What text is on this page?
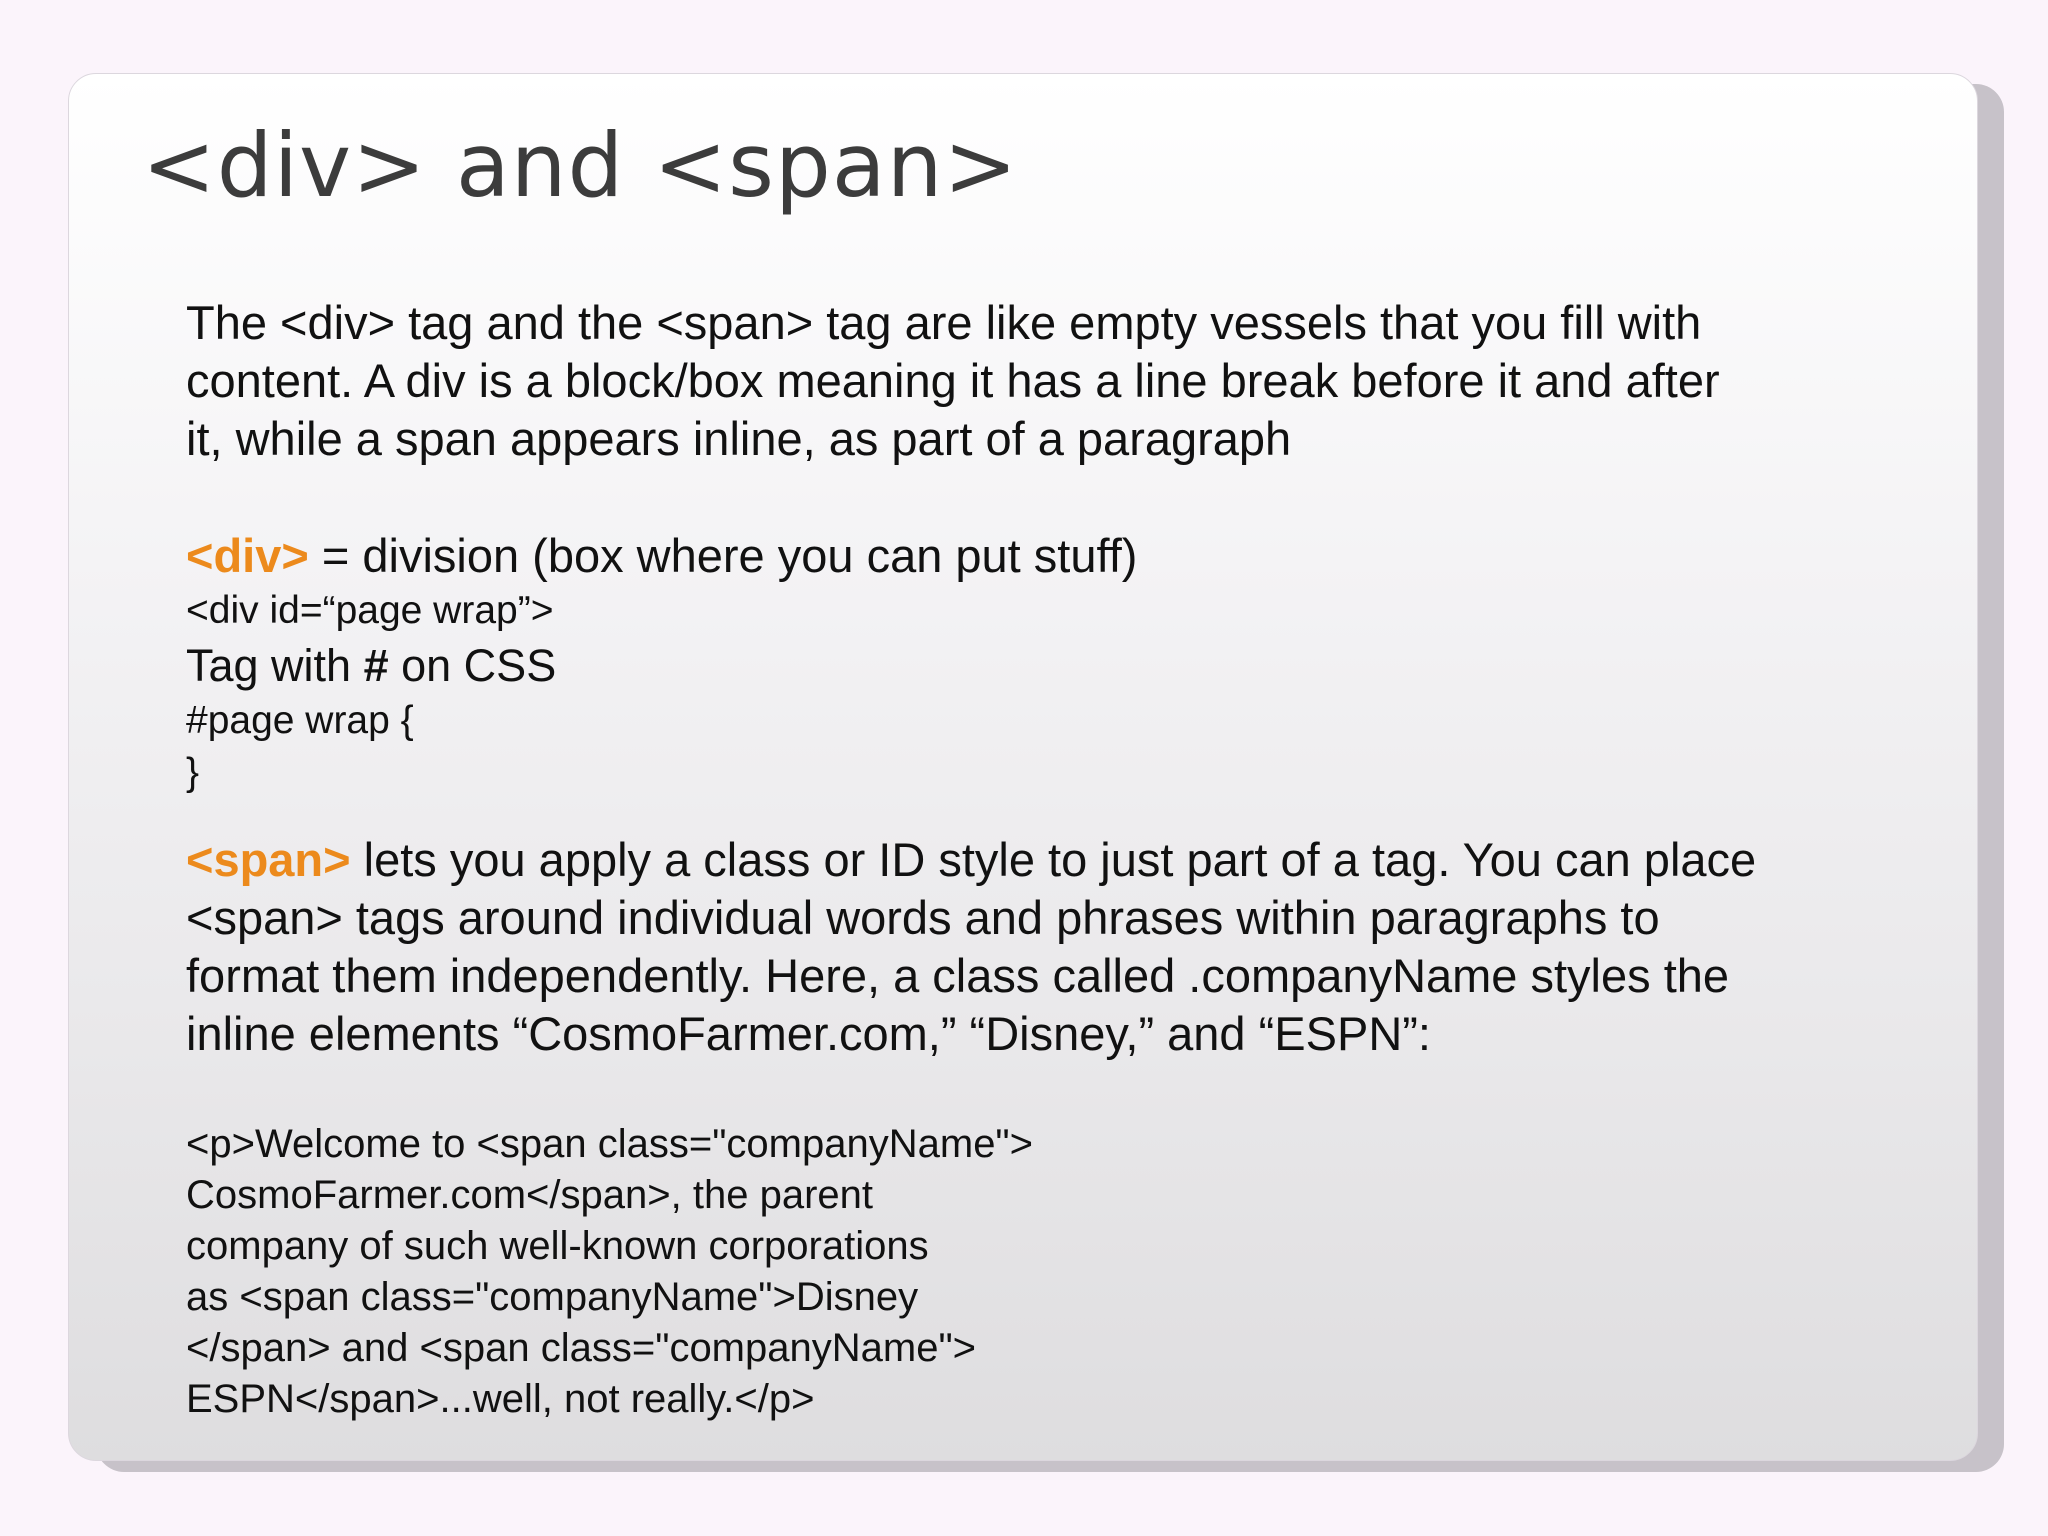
<div> and <span>

The <div> tag and the <span> tag are like empty vessels that you fill with

content. A div is a block/box meaning it has a line break before it and after

it, while a span appears inline, as part of a paragraph

<div> = division (box where you can put stuff)

<div id=“page wrap”>

Tag with # on CSS

#page wrap {

}

<span> lets you apply a class or ID style to just part of a tag. You can place

<span> tags around individual words and phrases within paragraphs to

format them independently. Here, a class called .companyName styles the

inline elements “CosmoFarmer.com,” “Disney,” and “ESPN”:

<p>Welcome to <span class="companyName">

CosmoFarmer.com</span>, the parent

company of such well-known corporations

as <span class="companyName">Disney

</span> and <span class="companyName">

ESPN</span>...well, not really.</p>
